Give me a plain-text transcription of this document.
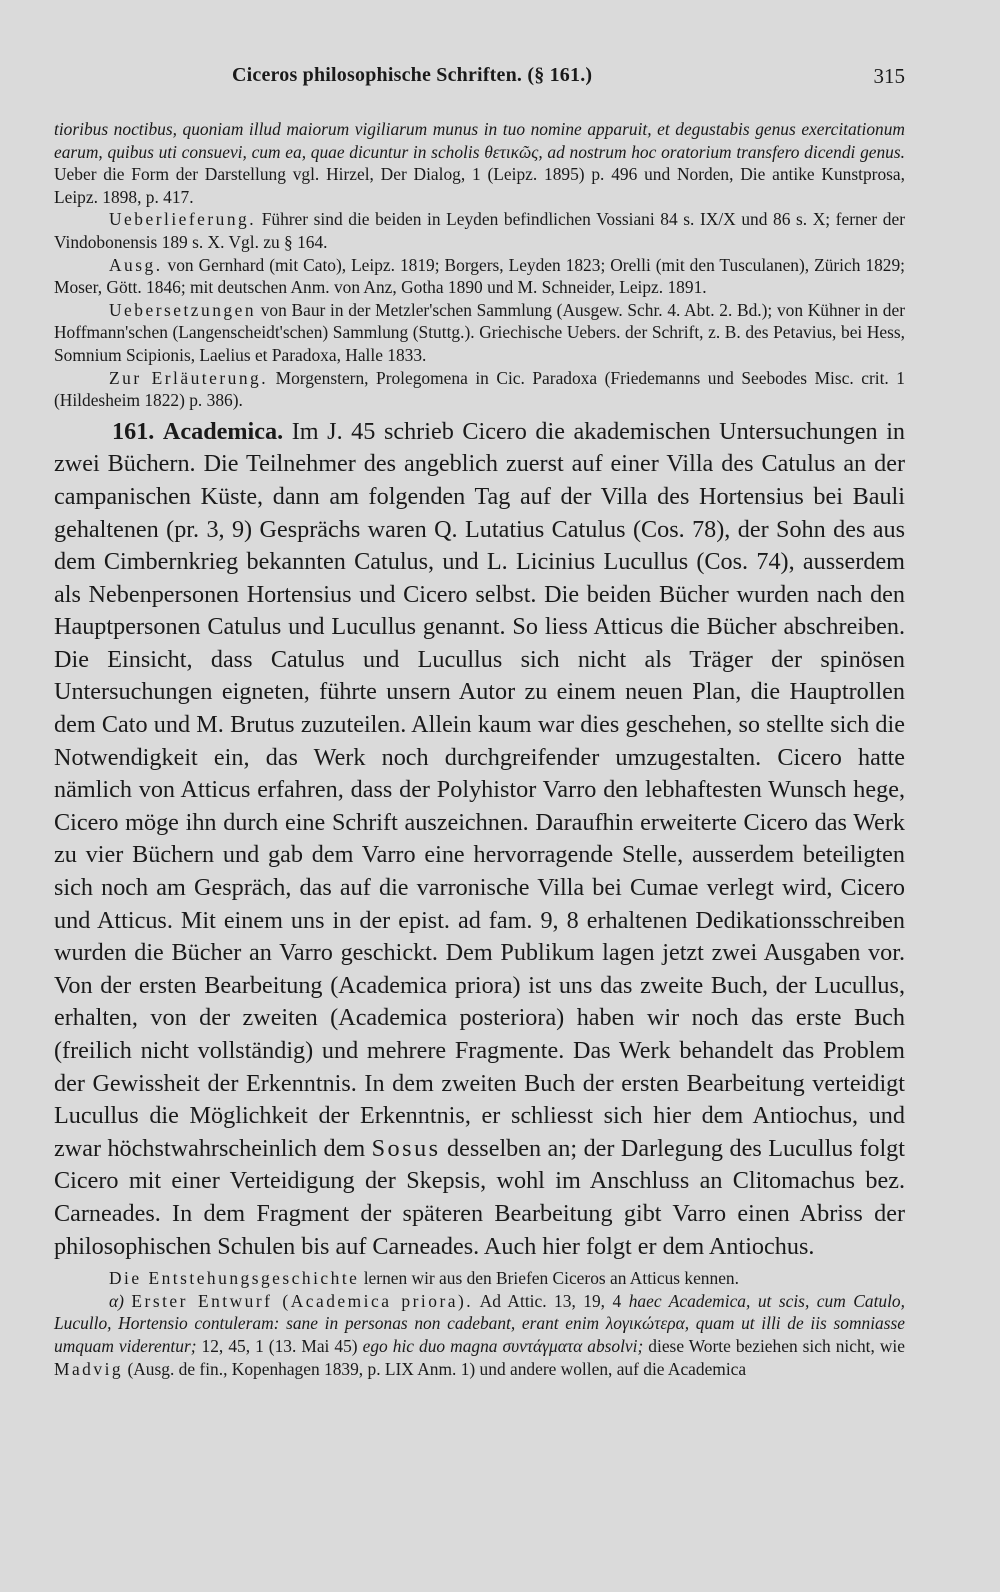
Ciceros philosophische Schriften. (§ 161.)	315

tioribus noctibus, quoniam illud maiorum vigiliarum munus in tuo nomine apparuit, et degustabis genus exercitationum earum, quibus uti consuevi, cum ea, quae dicuntur in scholis θετικῶς, ad nostrum hoc oratorium transfero dicendi genus. Ueber die Form der Darstellung vgl. Hirzel, Der Dialog, 1 (Leipz. 1895) p. 496 und Norden, Die antike Kunstprosa, Leipz. 1898, p. 417.

Ueberlieferung. Führer sind die beiden in Leyden befindlichen Vossiani 84 s. IX/X und 86 s. X; ferner der Vindobonensis 189 s. X. Vgl. zu § 164.

Ausg. von Gernhard (mit Cato), Leipz. 1819; Borgers, Leyden 1823; Orelli (mit den Tusculanen), Zürich 1829; Moser, Gött. 1846; mit deutschen Anm. von Anz, Gotha 1890 und M. Schneider, Leipz. 1891.

Uebersetzungen von Baur in der Metzler'schen Sammlung (Ausgew. Schr. 4. Abt. 2. Bd.); von Kühner in der Hoffmann'schen (Langenscheidt'schen) Sammlung (Stuttg.). Griechische Uebers. der Schrift, z. B. des Petavius, bei Hess, Somnium Scipionis, Laelius et Paradoxa, Halle 1833.

Zur Erläuterung. Morgenstern, Prolegomena in Cic. Paradoxa (Friedemanns und Seebodes Misc. crit. 1 (Hildesheim 1822) p. 386).

161. Academica. Im J. 45 schrieb Cicero die akademischen Untersuchungen in zwei Büchern. Die Teilnehmer des angeblich zuerst auf einer Villa des Catulus an der campanischen Küste, dann am folgenden Tag auf der Villa des Hortensius bei Bauli gehaltenen (pr. 3, 9) Gesprächs waren Q. Lutatius Catulus (Cos. 78), der Sohn des aus dem Cimbernkrieg bekannten Catulus, und L. Licinius Lucullus (Cos. 74), ausserdem als Nebenpersonen Hortensius und Cicero selbst. Die beiden Bücher wurden nach den Hauptpersonen Catulus und Lucullus genannt. So liess Atticus die Bücher abschreiben. Die Einsicht, dass Catulus und Lucullus sich nicht als Träger der spinösen Untersuchungen eigneten, führte unsern Autor zu einem neuen Plan, die Hauptrollen dem Cato und M. Brutus zuzuteilen. Allein kaum war dies geschehen, so stellte sich die Notwendigkeit ein, das Werk noch durchgreifender umzugestalten. Cicero hatte nämlich von Atticus erfahren, dass der Polyhistor Varro den lebhaftesten Wunsch hege, Cicero möge ihn durch eine Schrift auszeichnen. Daraufhin erweiterte Cicero das Werk zu vier Büchern und gab dem Varro eine hervorragende Stelle, ausserdem beteiligten sich noch am Gespräch, das auf die varronische Villa bei Cumae verlegt wird, Cicero und Atticus. Mit einem uns in der epist. ad fam. 9, 8 erhaltenen Dedikationsschreiben wurden die Bücher an Varro geschickt. Dem Publikum lagen jetzt zwei Ausgaben vor. Von der ersten Bearbeitung (Academica priora) ist uns das zweite Buch, der Lucullus, erhalten, von der zweiten (Academica posteriora) haben wir noch das erste Buch (freilich nicht vollständig) und mehrere Fragmente. Das Werk behandelt das Problem der Gewissheit der Erkenntnis. In dem zweiten Buch der ersten Bearbeitung verteidigt Lucullus die Möglichkeit der Erkenntnis, er schliesst sich hier dem Antiochus, und zwar höchstwahrscheinlich dem Sosus desselben an; der Darlegung des Lucullus folgt Cicero mit einer Verteidigung der Skepsis, wohl im Anschluss an Clitomachus bez. Carneades. In dem Fragment der späteren Bearbeitung gibt Varro einen Abriss der philosophischen Schulen bis auf Carneades. Auch hier folgt er dem Antiochus.

Die Entstehungsgeschichte lernen wir aus den Briefen Ciceros an Atticus kennen.

α) Erster Entwurf (Academica priora). Ad Attic. 13, 19, 4 haec Academica, ut scis, cum Catulo, Lucullo, Hortensio contuleram: sane in personas non cadebant, erant enim λογικώτερα, quam ut illi de iis somniasse umquam viderentur; 12, 45, 1 (13. Mai 45) ego hic duo magna συντάγματα absolvi; diese Worte beziehen sich nicht, wie Madvig (Ausg. de fin., Kopenhagen 1839, p. LIX Anm. 1) und andere wollen, auf die Academica
